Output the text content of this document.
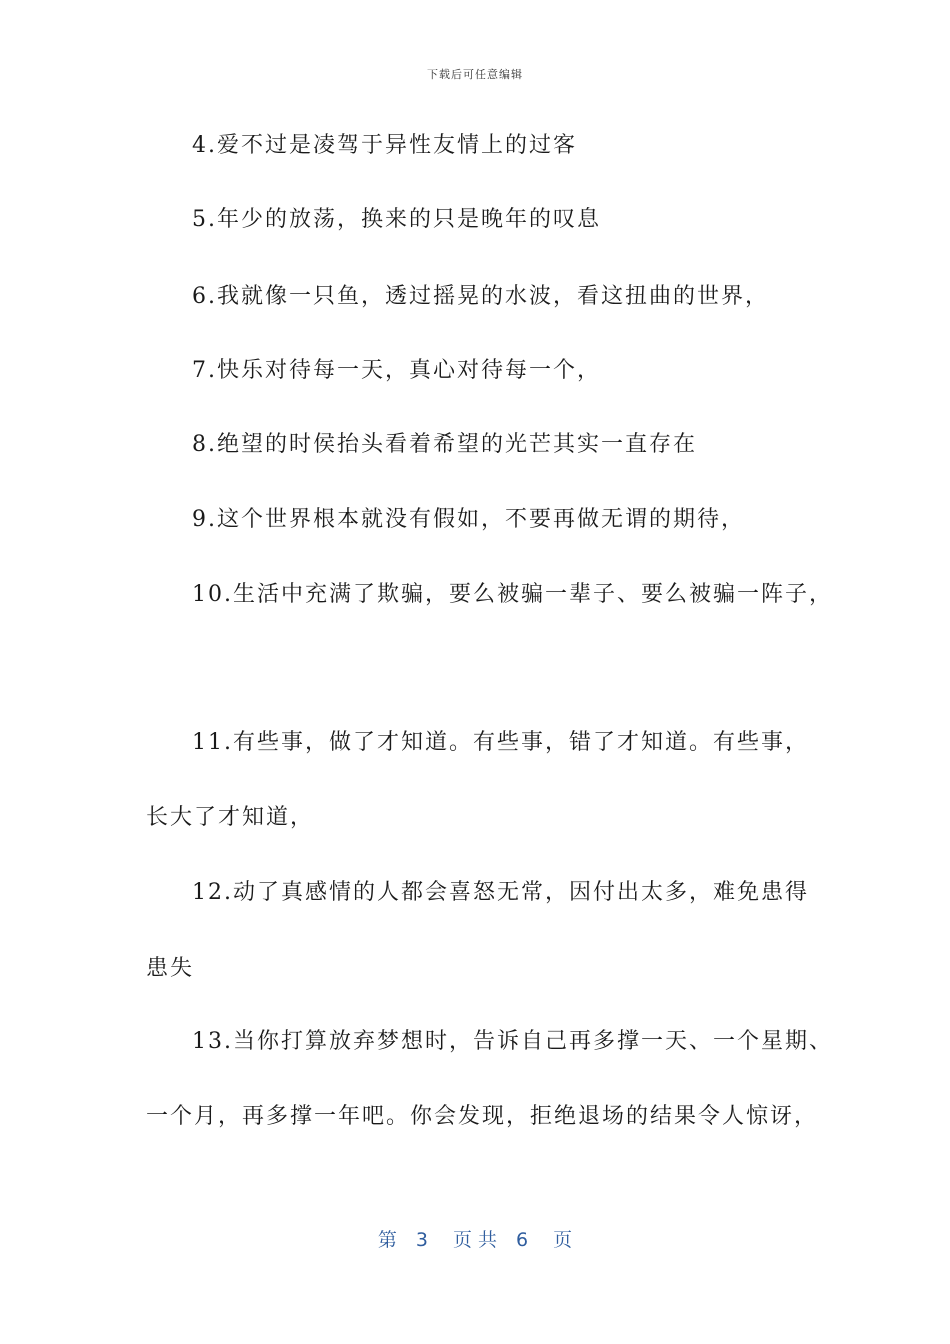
下载后可任意编辑
4.爱不过是凌驾于异性友情上的过客
5.年少的放荡，换来的只是晚年的叹息
6.我就像一只鱼，透过摇晃的水波，看这扭曲的世界，
7.快乐对待每一天，真心对待每一个，
8.绝望的时侯抬头看着希望的光芒其实一直存在
9.这个世界根本就没有假如，不要再做无谓的期待，
10.生活中充满了欺骗，要么被骗一辈子、要么被骗一阵子，
11.有些事，做了才知道。有些事，错了才知道。有些事，
长大了才知道，
12.动了真感情的人都会喜怒无常，因付出太多，难免患得
患失
13.当你打算放弃梦想时，告诉自己再多撑一天、一个星期、
一个月，再多撑一年吧。你会发现，拒绝退场的结果令人惊讶，
第　3　 页 共　6　 页
